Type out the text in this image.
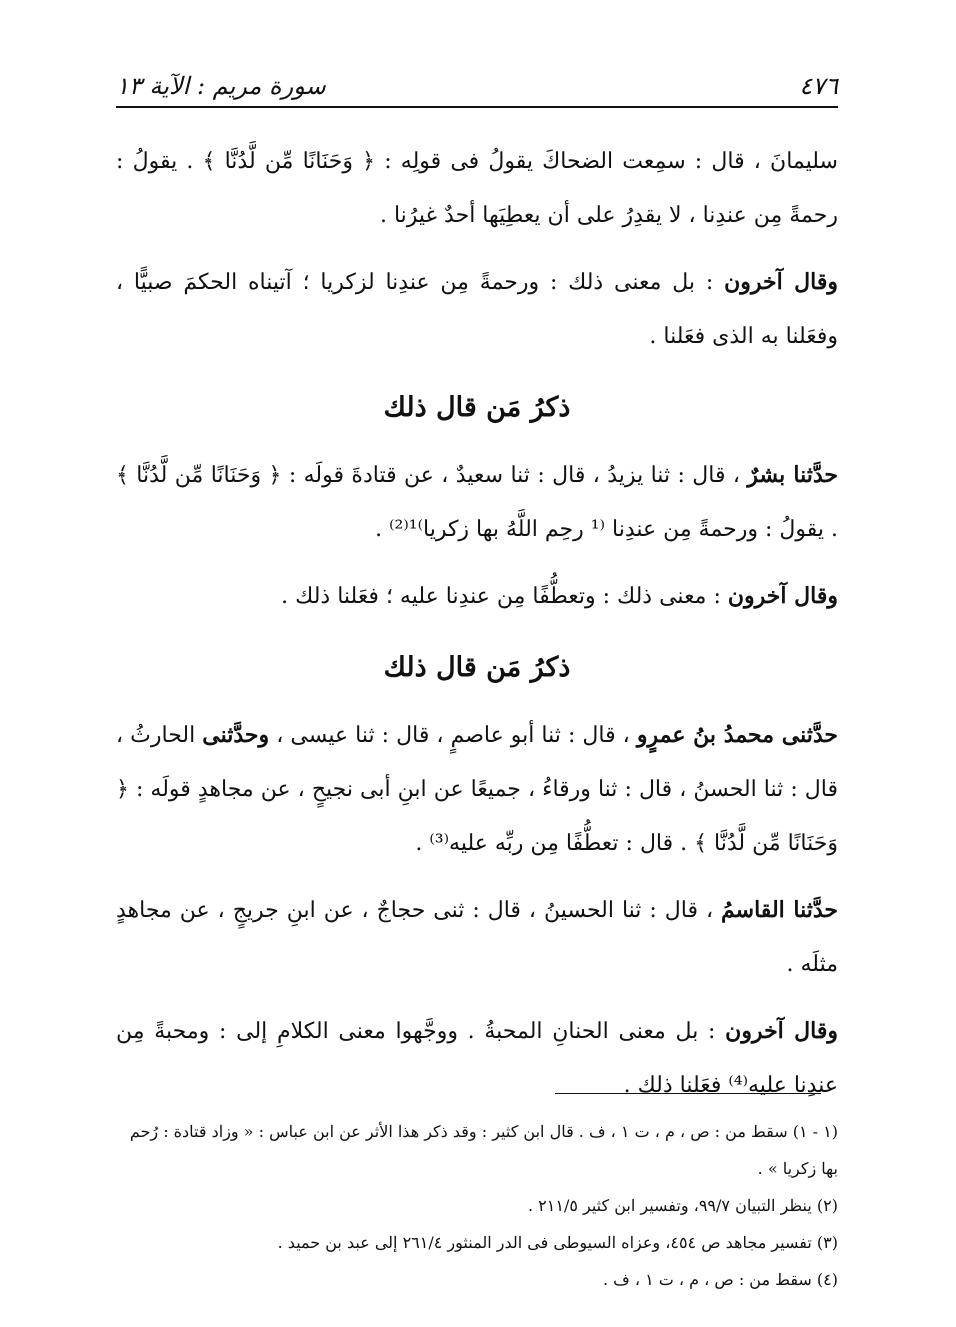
٤٧٦
سورة مريم : الآية ١٣

سليمانَ ، قال : سمِعت الضحاكَ يقولُ فى قولِه : ﴿ وَحَنَانًا مِّن لَّدُنَّا ﴾ . يقولُ : رحمةً مِن عندِنا ، لا يقدِرُ على أن يعطِيَها أحدٌ غيرُنا .

وقال آخرون : بل معنى ذلك : ورحمةً مِن عندِنا لزكريا ؛ آتيناه الحكمَ صبيًّا ، وفعَلنا به الذى فعَلنا .

ذكرُ مَن قال ذلك

حدَّثنا بشرٌ ، قال : ثنا يزيدُ ، قال : ثنا سعيدٌ ، عن قتادةَ قولَه : ﴿ وَحَنَانًا مِّن لَّدُنَّا ﴾ . يقولُ : ورحمةً مِن عندِنا ⁽¹ رحِم اللَّهُ بها زكريا⁾¹⁽²⁾ .

وقال آخرون : معنى ذلك : وتعطُّفًا مِن عندِنا عليه ؛ فعَلنا ذلك .

ذكرُ مَن قال ذلك

حدَّثنى محمدُ بنُ عمرٍو ، قال : ثنا أبو عاصمٍ ، قال : ثنا عيسى ، وحدَّثنى الحارثُ ، قال : ثنا الحسنُ ، قال : ثنا ورقاءُ ، جميعًا عن ابنِ أبى نجيحٍ ، عن مجاهدٍ قولَه : ﴿ وَحَنَانًا مِّن لَّدُنَّا ﴾ . قال : تعطُّفًا مِن ربِّه عليه⁽³⁾ .

حدَّثنا القاسمُ ، قال : ثنا الحسينُ ، قال : ثنى حجاجٌ ، عن ابنِ جريجٍ ، عن مجاهدٍ مثلَه .

وقال آخرون : بل معنى الحنانِ المحبةُ . ووجَّهوا معنى الكلامِ إلى : ومحبةً مِن عندِنا عليه⁽⁴⁾ فعَلنا ذلك .

(١ - ١) سقط من : ص ، م ، ت ١ ، ف . قال ابن كثير : وقد ذكر هذا الأثر عن ابن عباس : « وزاد قتادة : رُحم بها زكريا » .

(٢) ينظر التبيان ٩٩/٧، وتفسير ابن كثير ٢١١/٥ .

(٣) تفسير مجاهد ص ٤٥٤، وعزاه السيوطى فى الدر المنثور ٢٦١/٤ إلى عبد بن حميد .

(٤) سقط من : ص ، م ، ت ١ ، ف .
